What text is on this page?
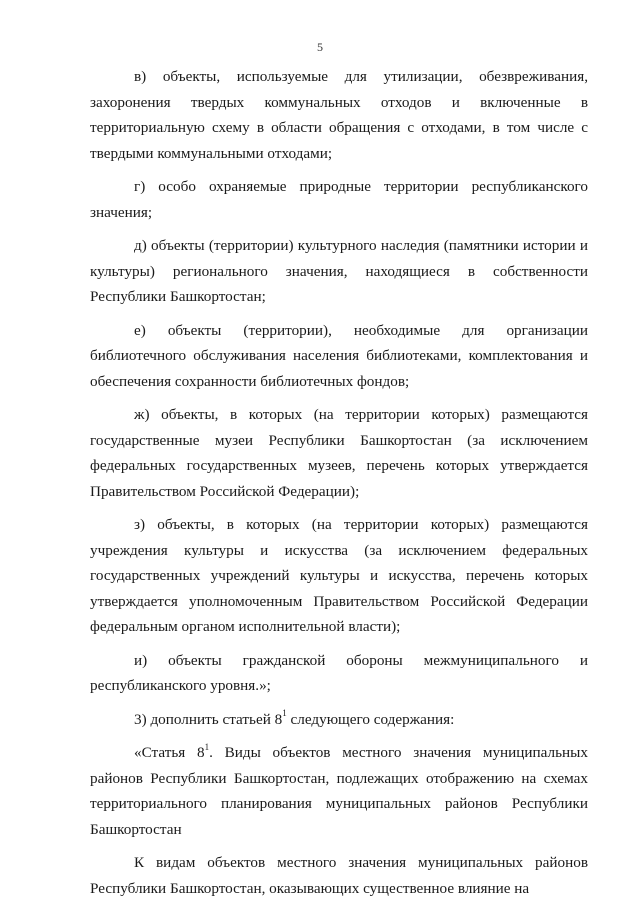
5

в) объекты, используемые для утилизации, обезвреживания, захоронения твердых коммунальных отходов и включенные в территориальную схему в области обращения с отходами, в том числе с твердыми коммунальными отходами;

г) особо охраняемые природные территории республиканского значения;

д) объекты (территории) культурного наследия (памятники истории и культуры) регионального значения, находящиеся в собственности Республики Башкортостан;

е) объекты (территории), необходимые для организации библиотечного обслуживания населения библиотеками, комплектования и обеспечения сохранности библиотечных фондов;

ж) объекты, в которых (на территории которых) размещаются государственные музеи Республики Башкортостан (за исключением федеральных государственных музеев, перечень которых утверждается Правительством Российской Федерации);

з) объекты, в которых (на территории которых) размещаются учреждения культуры и искусства (за исключением федеральных государственных учреждений культуры и искусства, перечень которых утверждается уполномоченным Правительством Российской Федерации федеральным органом исполнительной власти);

и) объекты гражданской обороны межмуниципального и республиканского уровня.»;

3) дополнить статьей $8^1$ следующего содержания:

«Статья $8^1$. Виды объектов местного значения муниципальных районов Республики Башкортостан, подлежащих отображению на схемах территориального планирования муниципальных районов Республики Башкортостан

К видам объектов местного значения муниципальных районов Республики Башкортостан, оказывающих существенное влияние на
